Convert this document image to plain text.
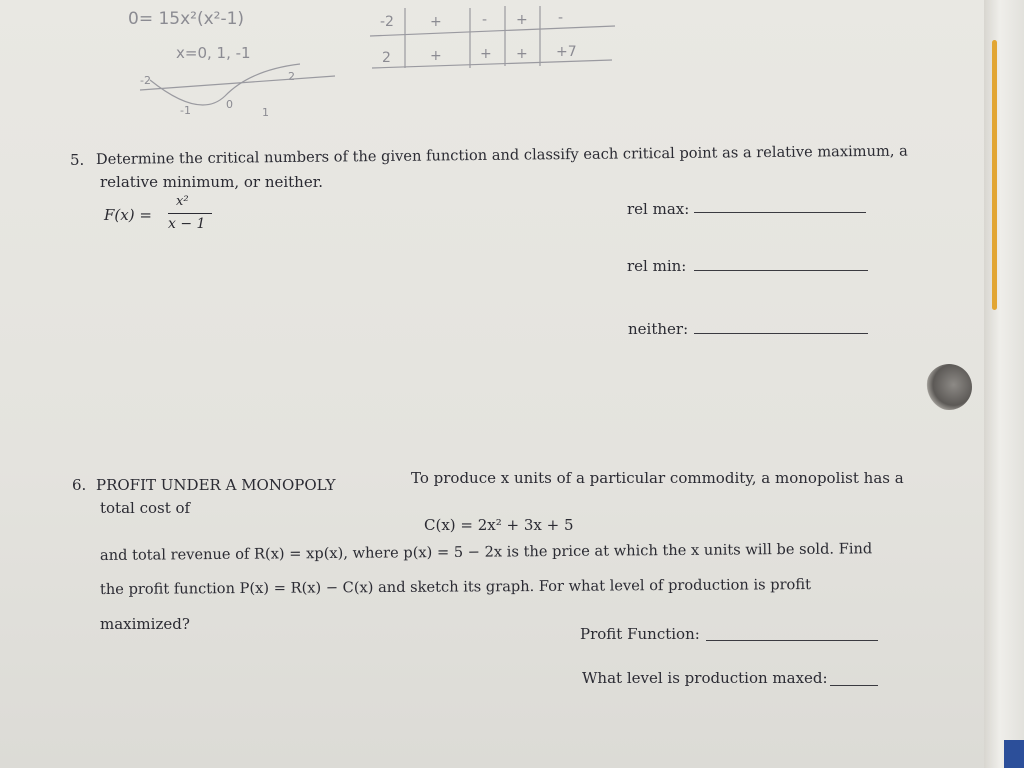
0= 15x²(x²-1)
x=0, 1, -1
-2
-1	0
1
2
-2	+	- + -
2	+	+ + +7
5. Determine the critical numbers of the given function and classify each critical point as a relative maximum, a
relative minimum, or neither.
F(x) =
x²
x − 1
rel max:
rel min:
neither:
6. PROFIT UNDER A MONOPOLY	To produce x units of a particular commodity, a monopolist has a
total cost of
C(x) = 2x² + 3x + 5
and total revenue of R(x) = xp(x), where p(x) = 5 − 2x is the price at which the x units will be sold. Find
the profit function P(x) = R(x) − C(x) and sketch its graph. For what level of production is profit
maximized?
Profit Function:
What level is production maxed:
